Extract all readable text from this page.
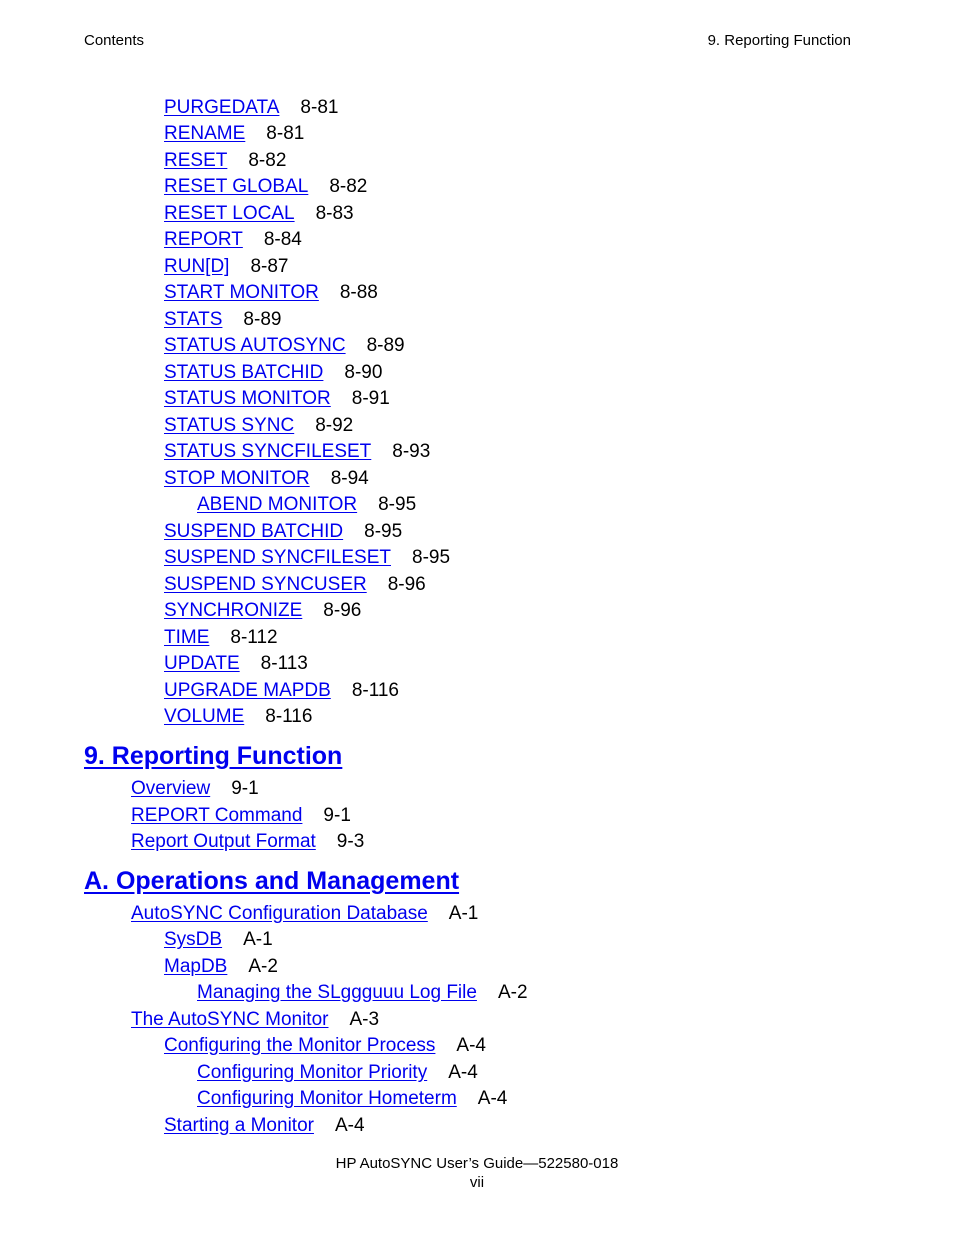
Contents	9. Reporting Function
PURGEDATA 8-81
RENAME 8-81
RESET 8-82
RESET GLOBAL 8-82
RESET LOCAL 8-83
REPORT 8-84
RUN[D] 8-87
START MONITOR 8-88
STATS 8-89
STATUS AUTOSYNC 8-89
STATUS BATCHID 8-90
STATUS MONITOR 8-91
STATUS SYNC 8-92
STATUS SYNCFILESET 8-93
STOP MONITOR 8-94
ABEND MONITOR 8-95
SUSPEND BATCHID 8-95
SUSPEND SYNCFILESET 8-95
SUSPEND SYNCUSER 8-96
SYNCHRONIZE 8-96
TIME 8-112
UPDATE 8-113
UPGRADE MAPDB 8-116
VOLUME 8-116
9. Reporting Function
Overview 9-1
REPORT Command 9-1
Report Output Format 9-3
A. Operations and Management
AutoSYNC Configuration Database A-1
SysDB A-1
MapDB A-2
Managing the SLggguuu Log File A-2
The AutoSYNC Monitor A-3
Configuring the Monitor Process A-4
Configuring Monitor Priority A-4
Configuring Monitor Hometerm A-4
Starting a Monitor A-4
HP AutoSYNC User’s Guide—522580-018
vii
